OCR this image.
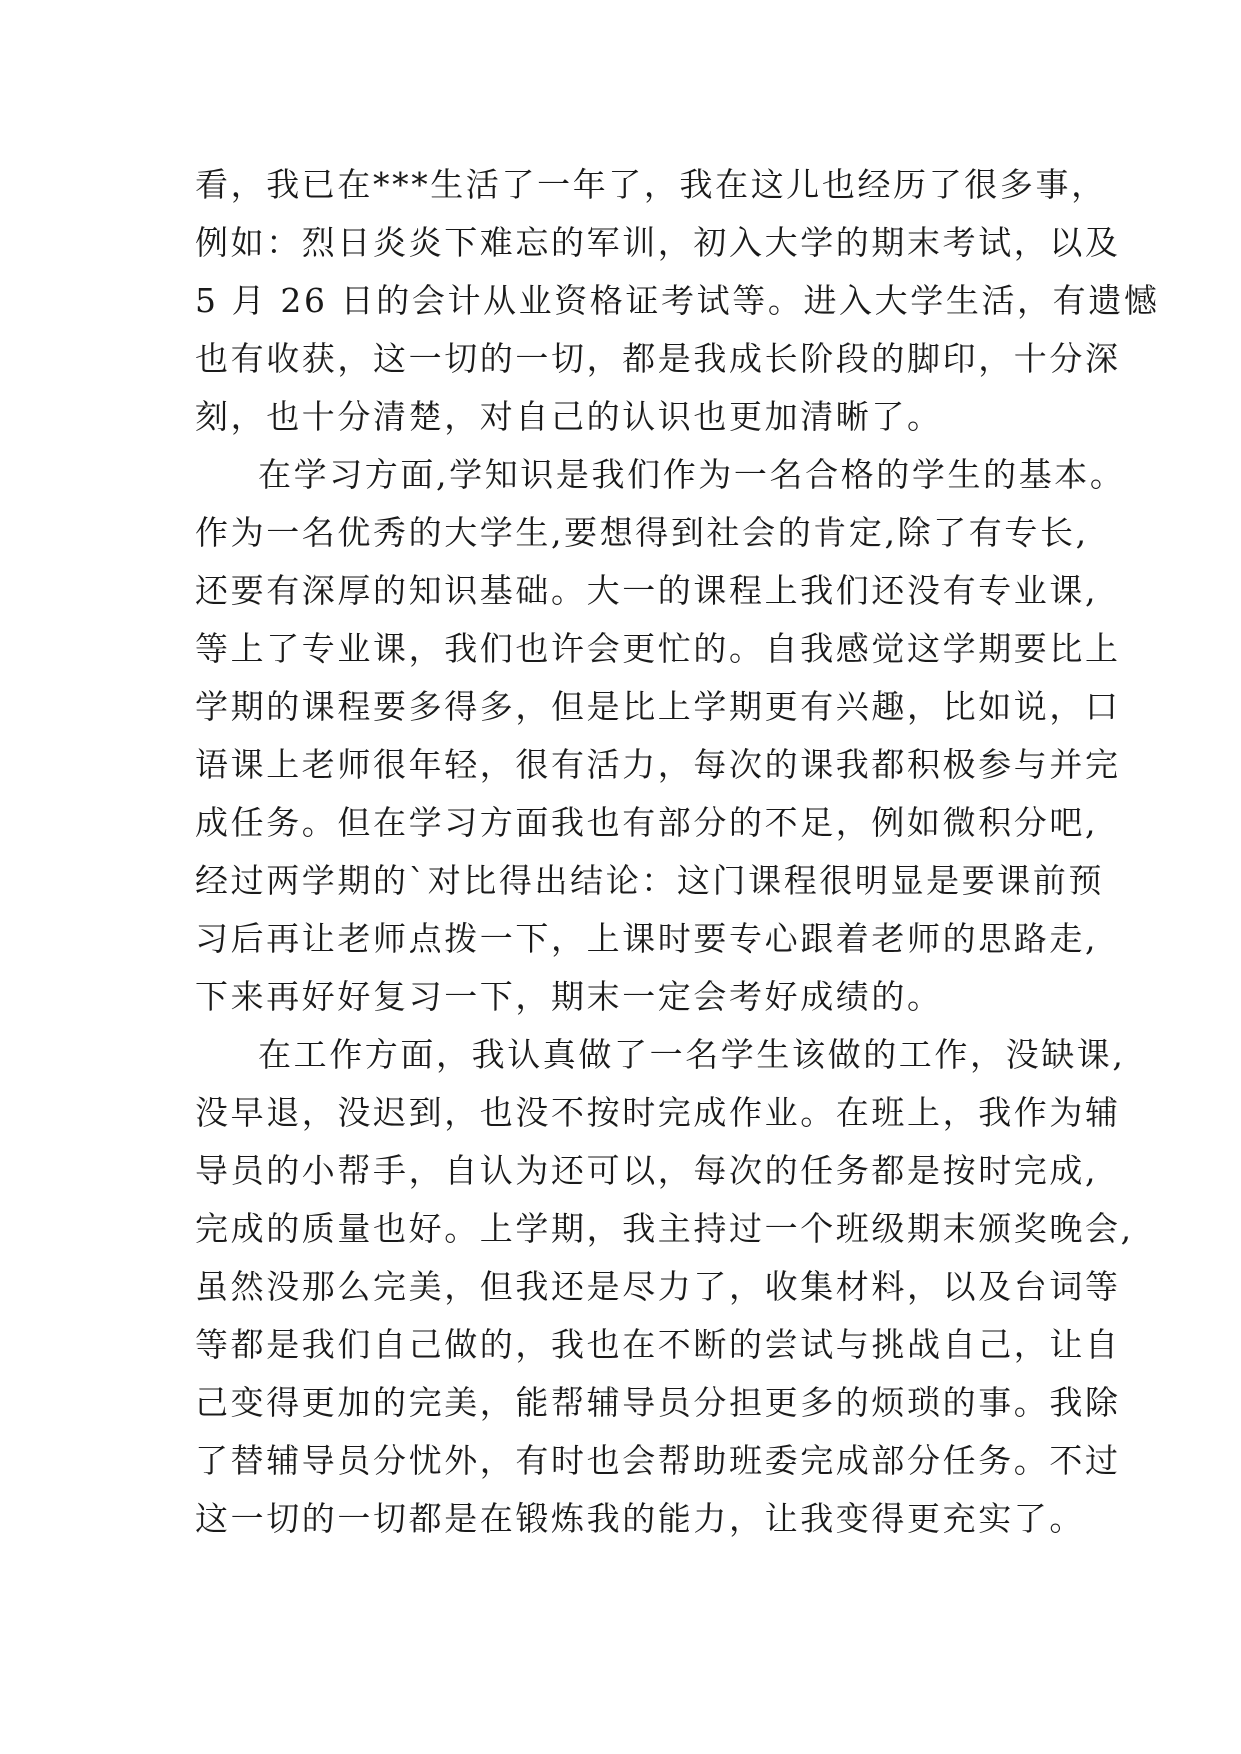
看，我已在***生活了一年了，我在这儿也经历了很多事，
例如：烈日炎炎下难忘的军训，初入大学的期末考试，以及
5 月 26 日的会计从业资格证考试等。进入大学生活，有遗憾
也有收获，这一切的一切，都是我成长阶段的脚印，十分深
刻，也十分清楚，对自己的认识也更加清晰了。
在学习方面,学知识是我们作为一名合格的学生的基本。
作为一名优秀的大学生,要想得到社会的肯定,除了有专长,
还要有深厚的知识基础。大一的课程上我们还没有专业课,
等上了专业课，我们也许会更忙的。自我感觉这学期要比上
学期的课程要多得多，但是比上学期更有兴趣，比如说，口
语课上老师很年轻，很有活力，每次的课我都积极参与并完
成任务。但在学习方面我也有部分的不足，例如微积分吧,
经过两学期的`对比得出结论：这门课程很明显是要课前预
习后再让老师点拨一下，上课时要专心跟着老师的思路走,
下来再好好复习一下，期末一定会考好成绩的。
在工作方面，我认真做了一名学生该做的工作，没缺课,
没早退，没迟到，也没不按时完成作业。在班上，我作为辅
导员的小帮手，自认为还可以，每次的任务都是按时完成,
完成的质量也好。上学期，我主持过一个班级期末颁奖晚会,
虽然没那么完美，但我还是尽力了，收集材料，以及台词等
等都是我们自己做的，我也在不断的尝试与挑战自己，让自
己变得更加的完美，能帮辅导员分担更多的烦琐的事。我除
了替辅导员分忧外，有时也会帮助班委完成部分任务。不过
这一切的一切都是在锻炼我的能力，让我变得更充实了。
